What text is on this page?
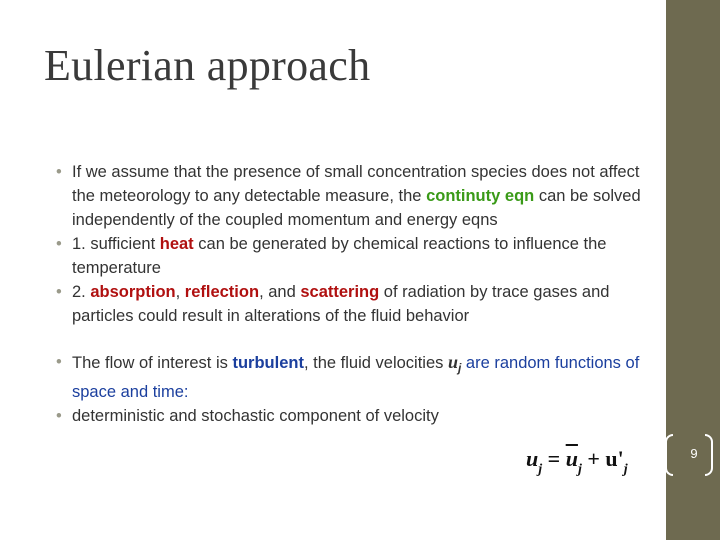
Eulerian approach

• If we assume that the presence of small concentration species does not affect the meteorology to any detectable measure, the continuty eqn can be solved independently of the coupled momentum and energy eqns

• 1. sufficient heat can be generated by chemical reactions to influence the temperature

• 2. absorption, reflection, and scattering of radiation by trace gases and particles could result in alterations of the fluid behavior

• The flow of interest is turbulent, the fluid velocities $u_j$ are random functions of space and time:

• deterministic and stochastic component of velocity

$u_j = \overline{u}_j + u'_j$
9
